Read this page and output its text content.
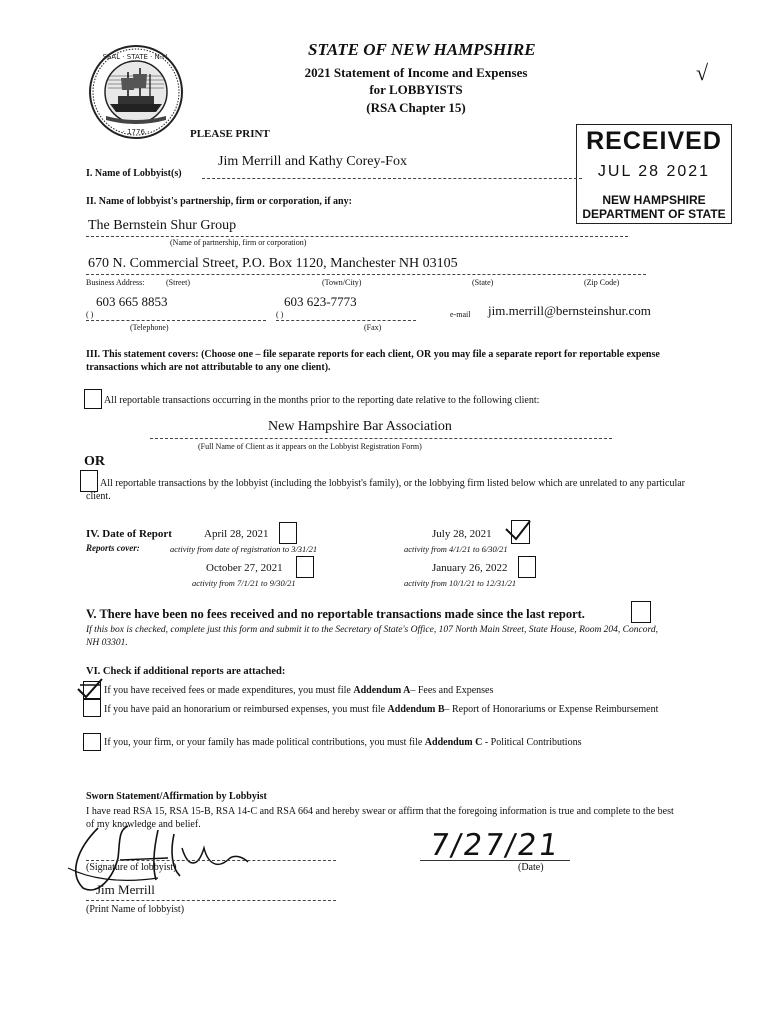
SEAL · STATE · N.H.
· 1776 ·
STATE OF NEW HAMPSHIRE
2021 Statement of Income and Expenses
for LOBBYISTS
(RSA Chapter 15)
√
PLEASE PRINT	RECEIVED
JUL 28 2021
NEW HAMPSHIRE
DEPARTMENT OF STATE
I. Name of Lobbyist(s)
Jim Merrill and Kathy Corey-Fox
II. Name of lobbyist's partnership, firm or corporation, if any:
The Bernstein Shur Group
(Name of partnership, firm or corporation)
670 N. Commercial Street, P.O. Box 1120, Manchester NH 03105
Business Address:	(Street)	(Town/City)	(State)	(Zip Code)
603 665 8853
( )
(Telephone)
603 623-7773
( )
(Fax)
e-mail jim.merrill@bernsteinshur.com
III. This statement covers: (Choose one – file separate reports for each client, OR you may file a separate report for reportable expense transactions which are not attributable to any one client).
All reportable transactions occurring in the months prior to the reporting date relative to the following client:
New Hampshire Bar Association
(Full Name of Client as it appears on the Lobbyist Registration Form)
OR
All reportable transactions by the lobbyist (including the lobbyist's family), or the lobbying firm listed below which are unrelated to any particular client.
IV. Date of Report
Reports cover:
April 28, 2021
activity from date of registration to 3/31/21
July 28, 2021
activity from 4/1/21 to 6/30/21
October 27, 2021
activity from 7/1/21 to 9/30/21
January 26, 2022
activity from 10/1/21 to 12/31/21
V. There have been no fees received and no reportable transactions made since the last report.
If this box is checked, complete just this form and submit it to the Secretary of State's Office, 107 North Main Street, State House, Room 204, Concord, NH 03301.
VI. Check if additional reports are attached:
If you have received fees or made expenditures, you must file Addendum A– Fees and Expenses
If you have paid an honorarium or reimbursed expenses, you must file Addendum B– Report of Honorariums or Expense Reimbursement
If you, your firm, or your family has made political contributions, you must file Addendum C - Political Contributions
Sworn Statement/Affirmation by Lobbyist
I have read RSA 15, RSA 15-B, RSA 14-C and RSA 664 and hereby swear or affirm that the foregoing information is true and complete to the best of my knowledge and belief.
(Signature of lobbyist)
7/27/21
(Date)
Jim Merrill
(Print Name of lobbyist)
